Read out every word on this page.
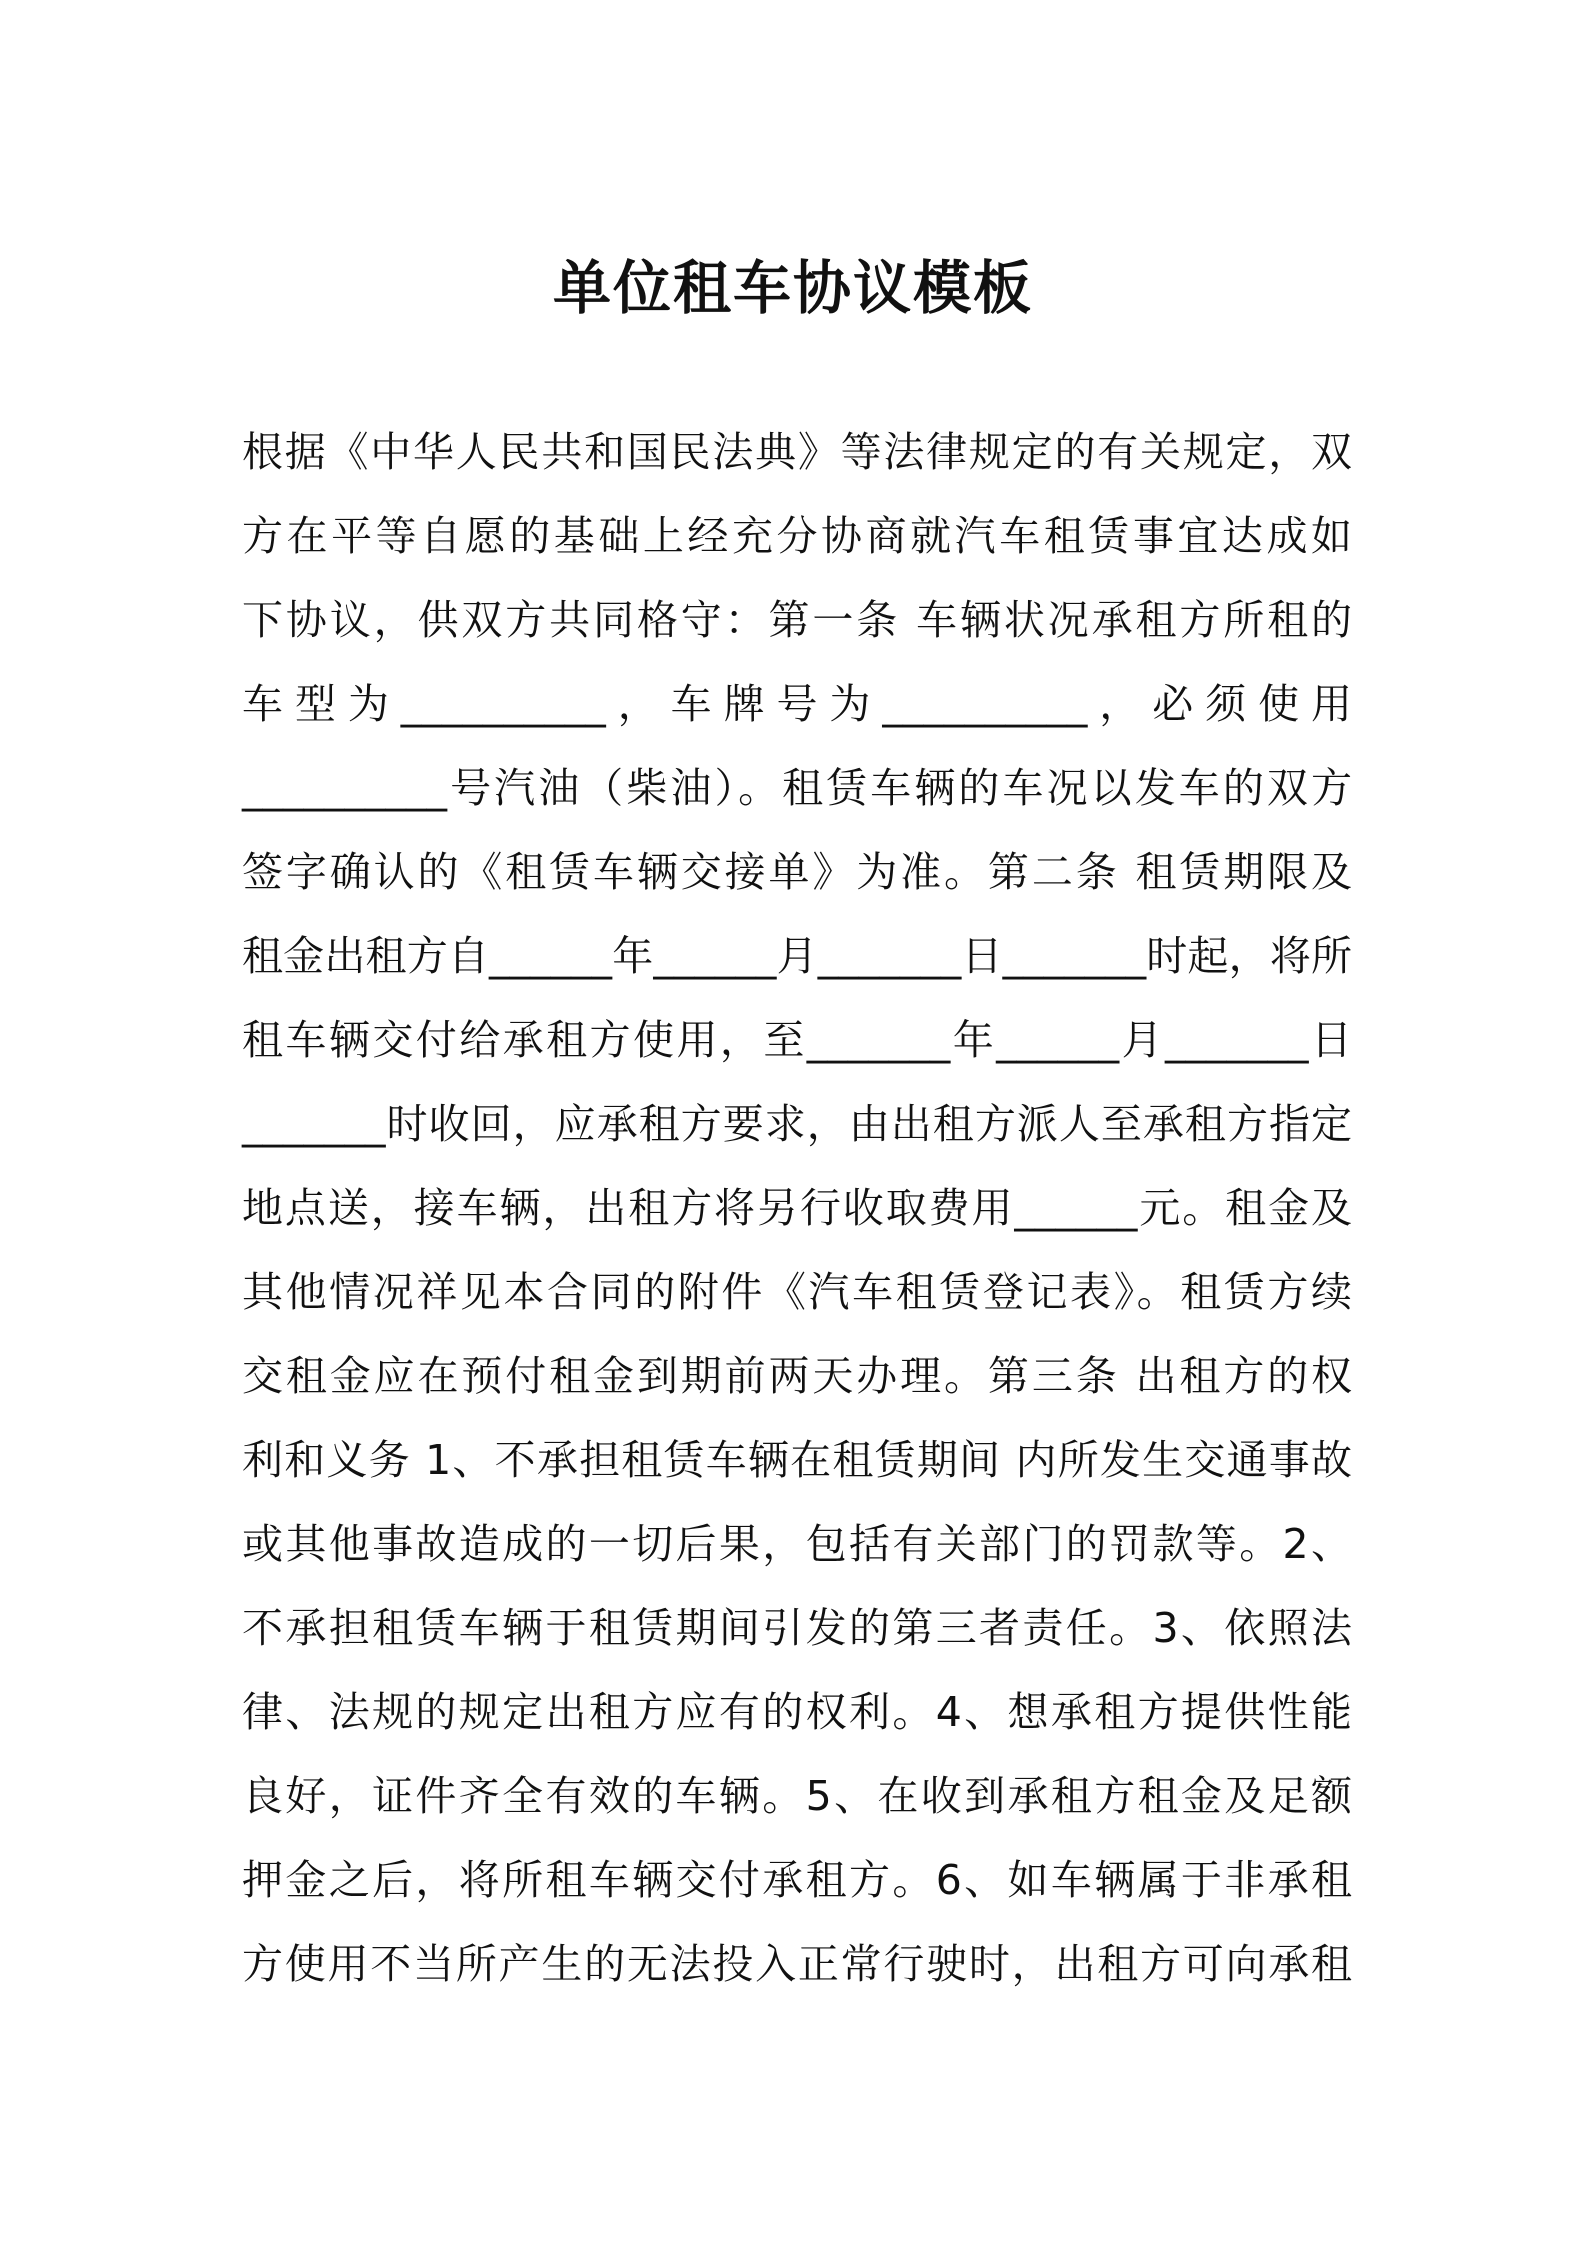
单位租车协议模板
根据《中华人民共和国民法典》等法律规定的有关规定，双
方在平等自愿的基础上经充分协商就汽车租赁事宜达成如
下协议，供双方共同格守：第一条 车辆状况承租方所租的
车型为__________，车牌号为__________，必须使用
__________号汽油（柴油）。租赁车辆的车况以发车的双方
签字确认的《租赁车辆交接单》为准。第二条 租赁期限及
租金出租方自______年______月_______日_______时起，将所
租车辆交付给承租方使用，至_______年______月_______日
_______时收回，应承租方要求，由出租方派人至承租方指定
地点送，接车辆，出租方将另行收取费用______元。租金及
其他情况祥见本合同的附件《汽车租赁登记表》。租赁方续
交租金应在预付租金到期前两天办理。第三条 出租方的权
利和义务 1、不承担租赁车辆在租赁期间 内所发生交通事故
或其他事故造成的一切后果，包括有关部门的罚款等。2、
不承担租赁车辆于租赁期间引发的第三者责任。3、依照法
律、法规的规定出租方应有的权利。4、想承租方提供性能
良好，证件齐全有效的车辆。5、在收到承租方租金及足额
押金之后，将所租车辆交付承租方。6、如车辆属于非承租
方使用不当所产生的无法投入正常行驶时，出租方可向承租
